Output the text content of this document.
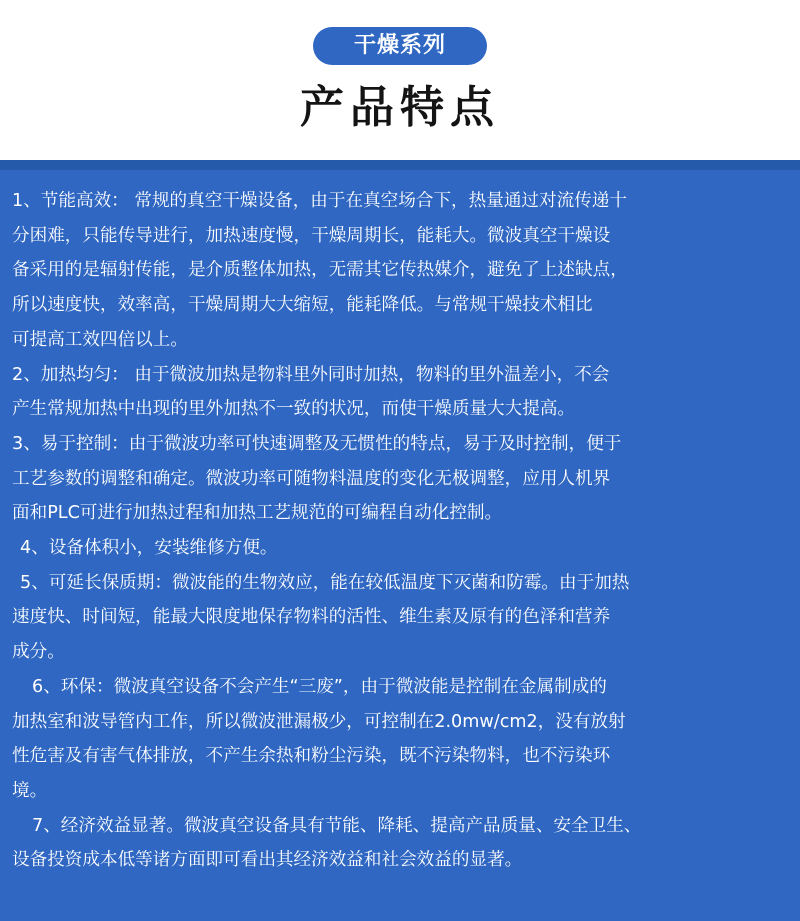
干燥系列
产品特点
1、节能高效： 常规的真空干燥设备，由于在真空场合下，热量通过对流传递十
分困难，只能传导进行，加热速度慢，干燥周期长，能耗大。微波真空干燥设
备采用的是辐射传能，是介质整体加热，无需其它传热媒介，避免了上述缺点，
所以速度快，效率高，干燥周期大大缩短，能耗降低。与常规干燥技术相比
可提高工效四倍以上。
2、加热均匀： 由于微波加热是物料里外同时加热，物料的里外温差小，不会
产生常规加热中出现的里外加热不一致的状况，而使干燥质量大大提高。
3、易于控制：由于微波功率可快速调整及无惯性的特点，易于及时控制，便于
工艺参数的调整和确定。微波功率可随物料温度的变化无极调整，应用人机界
面和PLC可进行加热过程和加热工艺规范的可编程自动化控制。
4、设备体积小，安装维修方便。
5、可延长保质期：微波能的生物效应，能在较低温度下灭菌和防霉。由于加热
速度快、时间短，能最大限度地保存物料的活性、维生素及原有的色泽和营养
成分。
6、环保：微波真空设备不会产生“三废”，由于微波能是控制在金属制成的
加热室和波导管内工作，所以微波泄漏极少，可控制在2.0mw/cm2，没有放射
性危害及有害气体排放，不产生余热和粉尘污染，既不污染物料，也不污染环
境。
7、经济效益显著。微波真空设备具有节能、降耗、提高产品质量、安全卫生、
设备投资成本低等诸方面即可看出其经济效益和社会效益的显著。
